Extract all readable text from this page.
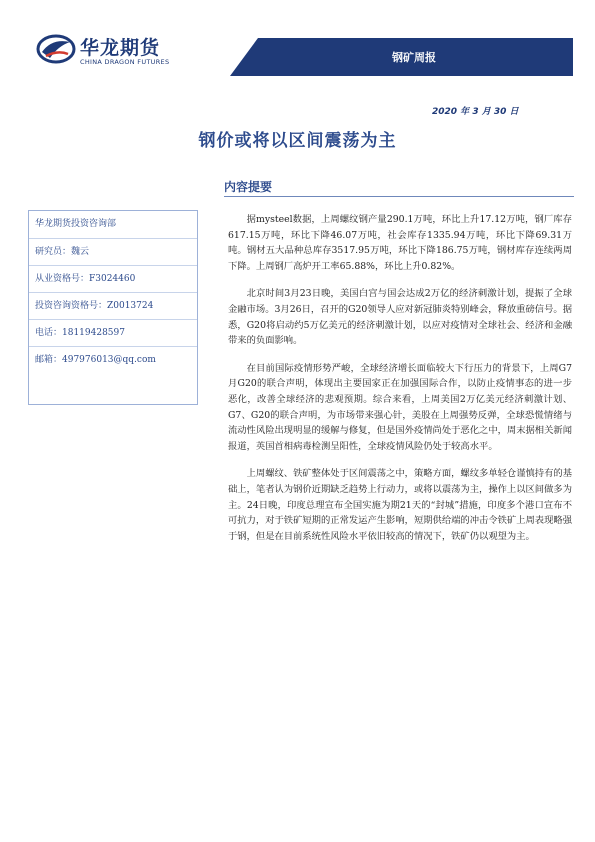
华龙期货
CHINA DRAGON FUTURES	钢矿周报
2020 年 3 月 30 日
钢价或将以区间震荡为主
内容提要
华龙期货投资咨询部
研究员：魏云
从业资格号：F3024460
投资咨询资格号：Z0013724
电话：18119428597
邮箱：497976013@qq.com

据mysteel数据，上周螺纹钢产量290.1万吨，环比上升17.12万吨，钢厂库存617.15万吨，环比下降46.07万吨，社会库存1335.94万吨，环比下降69.31万吨。钢材五大品种总库存3517.95万吨，环比下降186.75万吨，钢材库存连续两周下降。上周钢厂高炉开工率65.88%，环比上升0.82%。

北京时间3月23日晚，美国白宫与国会达成2万亿的经济刺激计划，提振了全球金融市场。3月26日，召开的G20领导人应对新冠肺炎特别峰会，释放重磅信号。据悉，G20将启动约5万亿美元的经济刺激计划，以应对疫情对全球社会、经济和金融带来的负面影响。

在目前国际疫情形势严峻，全球经济增长面临较大下行压力的背景下，上周G7月G20的联合声明，体现出主要国家正在加强国际合作，以防止疫情事态的进一步恶化，改善全球经济的悲观预期。综合来看，上周美国2万亿美元经济刺激计划、G7、G20的联合声明，为市场带来强心针，美股在上周强势反弹，全球恐慌情绪与流动性风险出现明显的缓解与修复，但是国外疫情尚处于恶化之中，周末据相关新闻报道，英国首相病毒检测呈阳性，全球疫情风险仍处于较高水平。

上周螺纹、铁矿整体处于区间震荡之中，策略方面，螺纹多单轻仓谨慎持有的基础上，笔者认为钢价近期缺乏趋势上行动力，或将以震荡为主，操作上以区间做多为主。24日晚，印度总理宣布全国实施为期21天的“封城”措施，印度多个港口宣布不可抗力，对于铁矿短期的正常发运产生影响，短期供给端的冲击令铁矿上周表现略强于钢，但是在目前系统性风险水平依旧较高的情况下，铁矿仍以观望为主。
